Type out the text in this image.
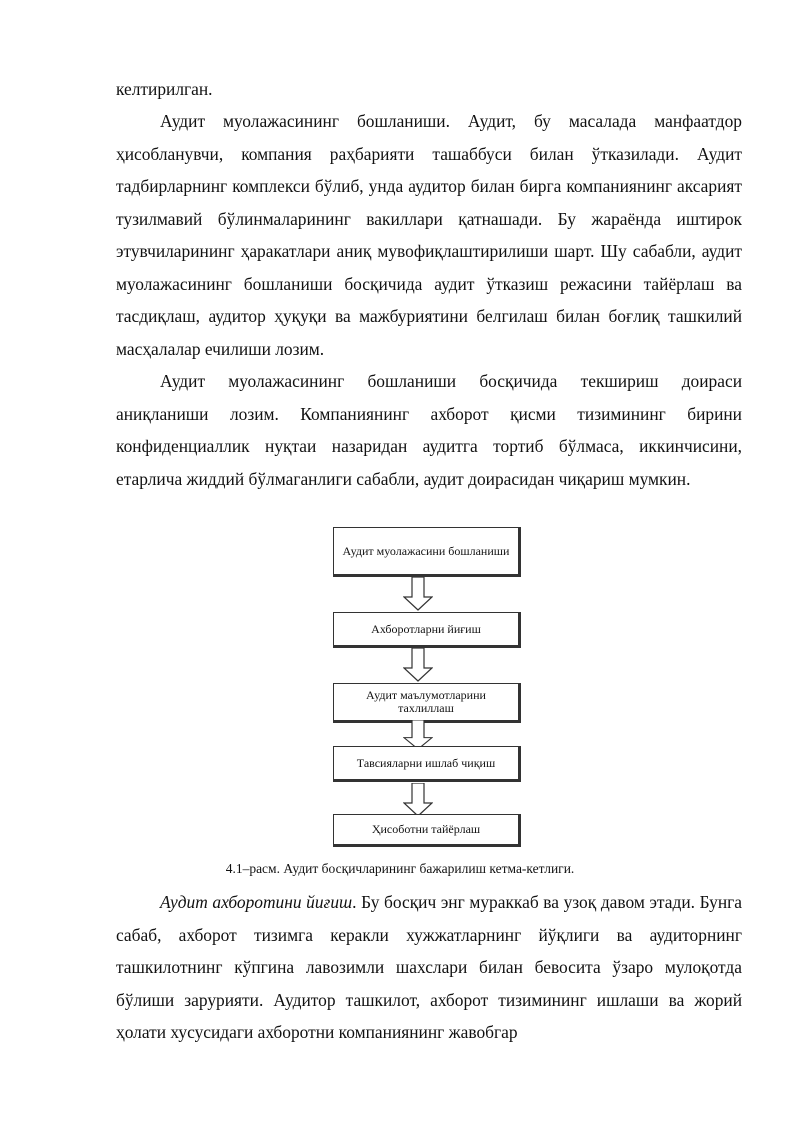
келтирилган.

Аудит муолажасининг бошланиши. Аудит, бу масалада манфаатдор ҳисобланувчи, компания раҳбарияти ташаббуси билан ўтказилади. Аудит тадбирларнинг комплекси бўлиб, унда аудитор билан бирга компаниянинг аксарият тузилмавий бўлинмаларининг вакиллари қатнашади. Бу жараёнда иштирок этувчиларининг ҳаракатлари аниқ мувофиқлаштирилиши шарт. Шу сабабли, аудит муолажасининг бошланиши босқичида аудит ўтказиш режасини тайёрлаш ва тасдиқлаш, аудитор ҳуқуқи ва мажбуриятини белгилаш билан боғлиқ ташкилий масҳалалар ечилиши лозим.

Аудит муолажасининг бошланиши босқичида текшириш доираси аниқланиши лозим. Компаниянинг ахборот қисми тизимининг бирини конфиденциаллик нуқтаи назаридан аудитга тортиб бўлмаса, иккинчисини, етарлича жиддий бўлмаганлиги сабабли, аудит доирасидан чиқариш мумкин.

Аудит муолажасини бошланиши
Ахборотларни йиғиш
Аудит маълумотларини тахлиллаш
Тавсияларни ишлаб чиқиш
Ҳисоботни тайёрлаш
4.1–расм. Аудит босқичларининг бажарилиш кетма-кетлиги.

Аудит ахборотини йиғиш. Бу босқич энг мураккаб ва узоқ давом этади. Бунга сабаб, ахборот тизимга керакли хужжатларнинг йўқлиги ва аудиторнинг ташкилотнинг кўпгина лавозимли шахслари билан бевосита ўзаро мулоқотда бўлиши зарурияти. Аудитор ташкилот, ахборот тизимининг ишлаши ва жорий ҳолати хусусидаги ахборотни компаниянинг жавобгар
